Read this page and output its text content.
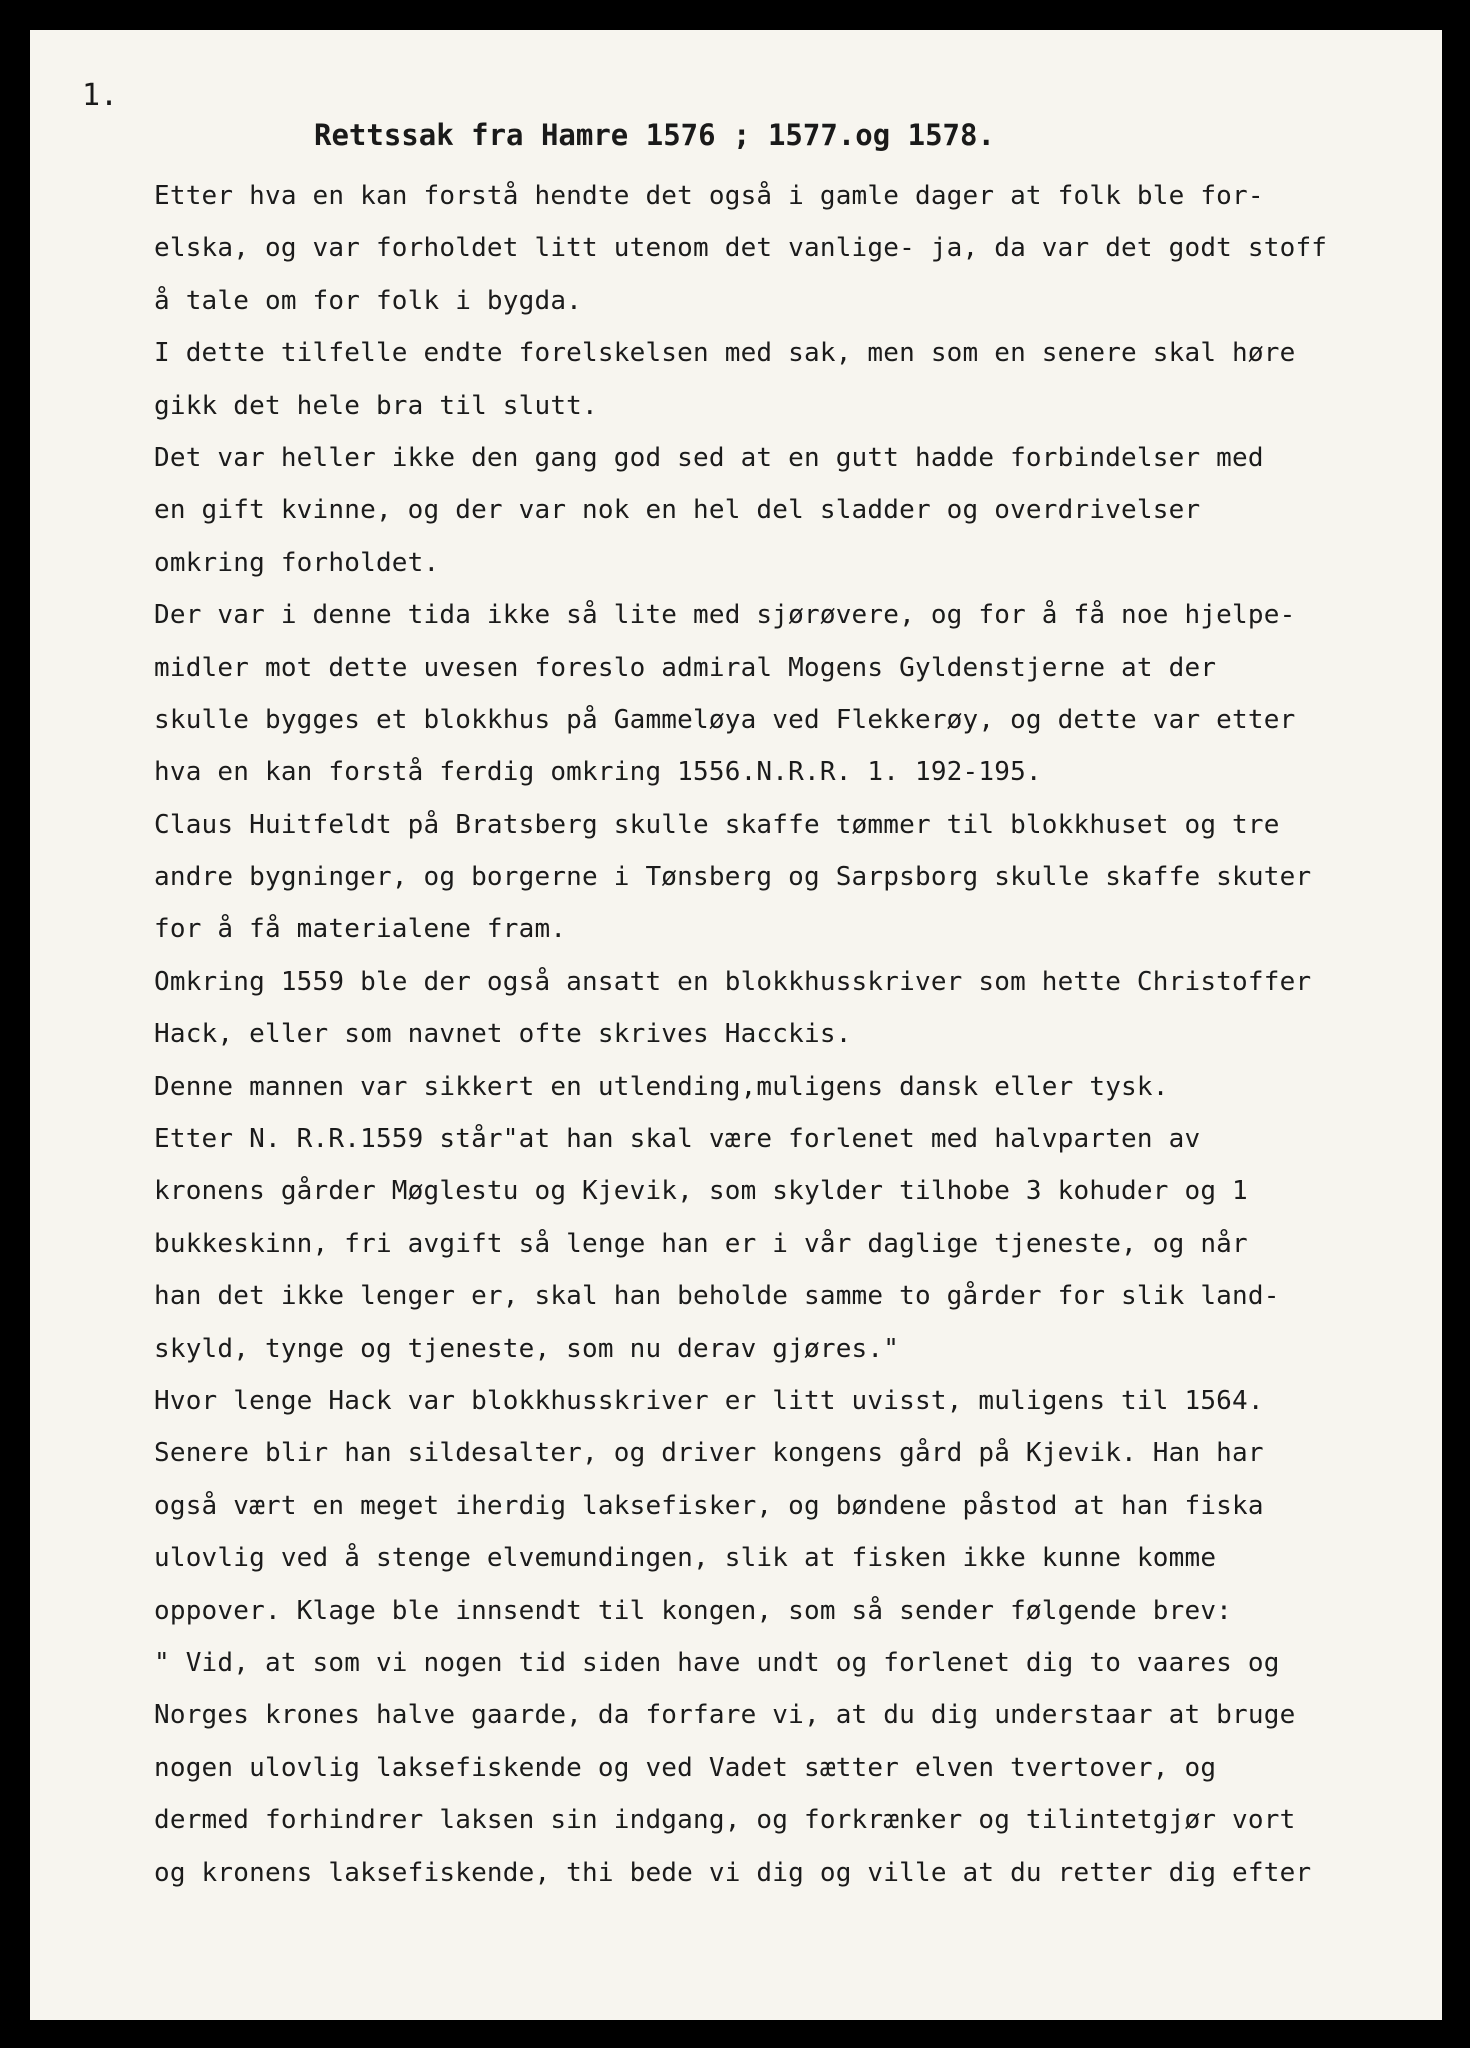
1.

Rettssak fra Hamre 1576 ; 1577.og 1578.
Etter hva en kan forstå hendte det også i gamle dager at folk ble for-
elska, og var forholdet litt utenom det vanlige- ja, da var det godt stoff
å tale om for folk i bygda.
I dette tilfelle endte forelskelsen med sak, men som en senere skal høre
gikk det hele bra til slutt.
Det var heller ikke den gang god sed at en gutt hadde forbindelser med
en gift kvinne, og der var nok en hel del sladder og overdrivelser
omkring forholdet.
Der var i denne tida ikke så lite med sjørøvere, og for å få noe hjelpe-
midler mot dette uvesen foreslo admiral Mogens Gyldenstjerne at der
skulle bygges et blokkhus på Gammeløya ved Flekkerøy, og dette var etter
hva en kan forstå ferdig omkring 1556.N.R.R. 1. 192-195.
Claus Huitfeldt på Bratsberg skulle skaffe tømmer til blokkhuset og tre
andre bygninger, og borgerne i Tønsberg og Sarpsborg skulle skaffe skuter
for å få materialene fram.
Omkring 1559 ble der også ansatt en blokkhusskriver som hette Christoffer
Hack, eller som navnet ofte skrives Hacckis.
Denne mannen var sikkert en utlending,muligens dansk eller tysk.
Etter N. R.R.1559 står"at han skal være forlenet med halvparten av
kronens gårder Møglestu og Kjevik, som skylder tilhobe 3 kohuder og 1
bukkeskinn, fri avgift så lenge han er i vår daglige tjeneste, og når
han det ikke lenger er, skal han beholde samme to gårder for slik land-
skyld, tynge og tjeneste, som nu derav gjøres."
Hvor lenge Hack var blokkhusskriver er litt uvisst, muligens til 1564.
Senere blir han sildesalter, og driver kongens gård på Kjevik. Han har
også vært en meget iherdig laksefisker, og bøndene påstod at han fiska
ulovlig ved å stenge elvemundingen, slik at fisken ikke kunne komme
oppover. Klage ble innsendt til kongen, som så sender følgende brev:
" Vid, at som vi nogen tid siden have undt og forlenet dig to vaares og
Norges krones halve gaarde, da forfare vi, at du dig understaar at bruge
nogen ulovlig laksefiskende og ved Vadet sætter elven tvertover, og
dermed forhindrer laksen sin indgang, og forkrænker og tilintetgjør vort
og kronens laksefiskende, thi bede vi dig og ville at du retter dig efter
